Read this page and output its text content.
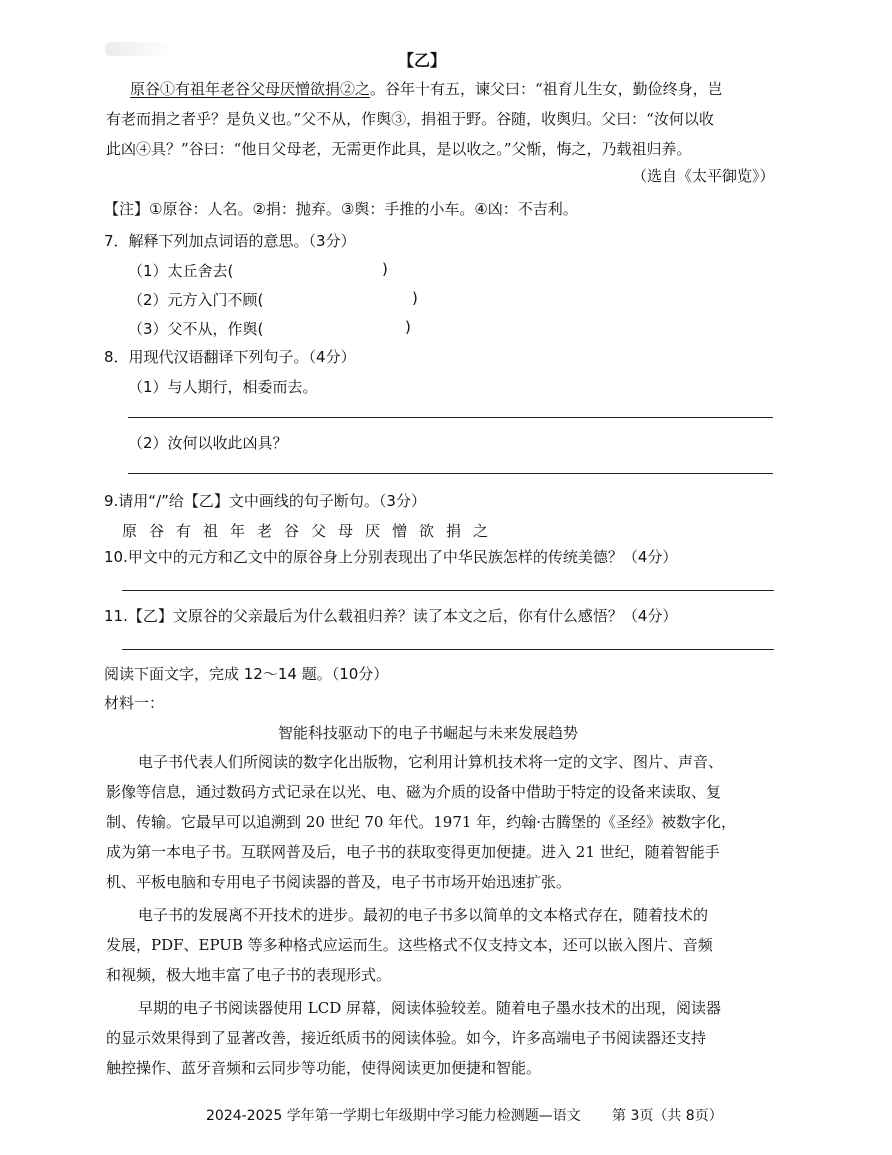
【乙】
原谷①有祖年老谷父母厌憎欲捐②之。谷年十有五，谏父曰：“祖育儿生女，勤俭终身，岂
有老而捐之者乎？是负义也。”父不从，作舆③，捐祖于野。谷随，收舆归。父曰：“汝何以收
此凶④具？”谷曰：“他日父母老，无需更作此具，是以收之。”父惭，悔之，乃载祖归养。
（选自《太平御览》）
【注】①原谷：人名。②捐：抛弃。③舆：手推的小车。④凶：不吉利。
7．解释下列加点词语的意思。（3分）
（1）太丘舍去(	)
（2）元方入门不顾(	)
（3）父不从，作舆(	)
8．用现代汉语翻译下列句子。（4分）
（1）与人期行，相委而去。
（2）汝何以收此凶具？
9.请用“/”给【乙】文中画线的句子断句。（3分）
原谷有祖年老谷父母厌憎欲捐之
10.甲文中的元方和乙文中的原谷身上分别表现出了中华民族怎样的传统美德？（4分）
11.【乙】文原谷的父亲最后为什么载祖归养？读了本文之后，你有什么感悟？（4分）
阅读下面文字，完成 12～14 题。（10分）
材料一：
智能科技驱动下的电子书崛起与未来发展趋势
电子书代表人们所阅读的数字化出版物，它利用计算机技术将一定的文字、图片、声音、
影像等信息，通过数码方式记录在以光、电、磁为介质的设备中借助于特定的设备来读取、复
制、传输。它最早可以追溯到 20 世纪 70 年代。1971 年，约翰·古腾堡的《圣经》被数字化，
成为第一本电子书。互联网普及后，电子书的获取变得更加便捷。进入 21 世纪，随着智能手
机、平板电脑和专用电子书阅读器的普及，电子书市场开始迅速扩张。
电子书的发展离不开技术的进步。最初的电子书多以简单的文本格式存在，随着技术的
发展，PDF、EPUB 等多种格式应运而生。这些格式不仅支持文本，还可以嵌入图片、音频
和视频，极大地丰富了电子书的表现形式。
早期的电子书阅读器使用 LCD 屏幕，阅读体验较差。随着电子墨水技术的出现，阅读器
的显示效果得到了显著改善，接近纸质书的阅读体验。如今，许多高端电子书阅读器还支持
触控操作、蓝牙音频和云同步等功能，使得阅读更加便捷和智能。
2024-2025 学年第一学期七年级期中学习能力检测题—语文 第 3页（共 8页）
